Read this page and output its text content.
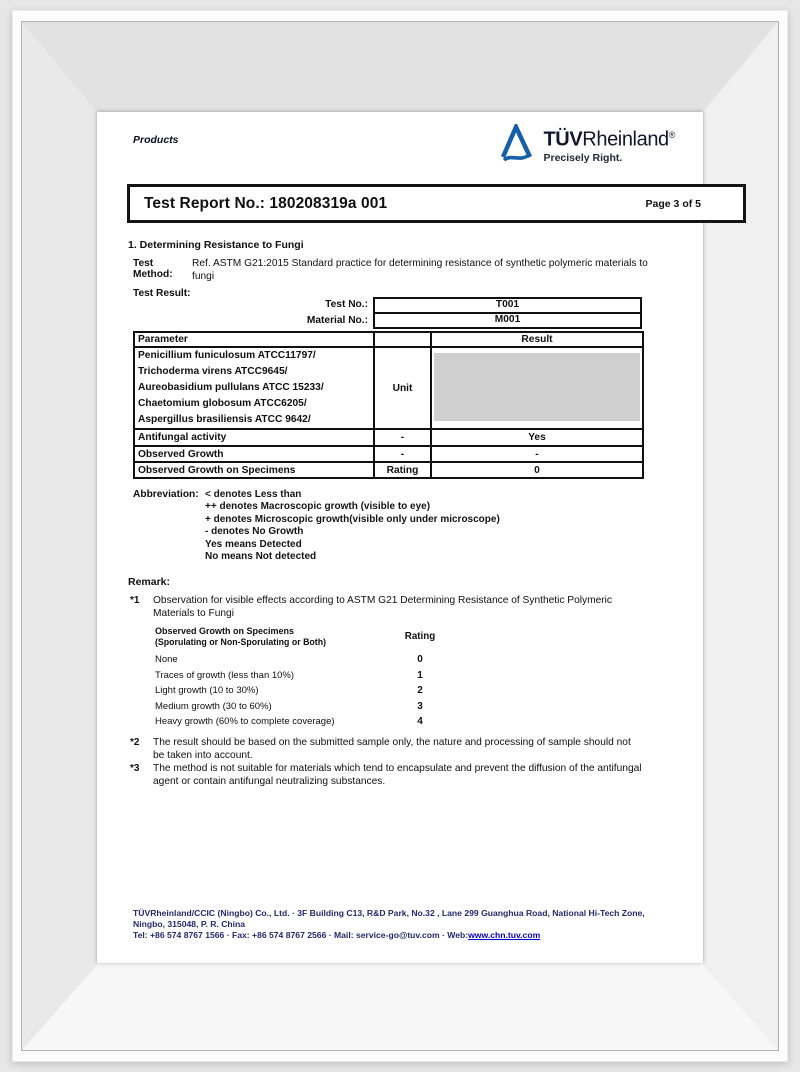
Products	TÜVRheinland®
Precisely Right.
Test Report No.: 180208319a 001	Page 3 of 5
1. Determining Resistance to Fungi
Test Method:
Ref. ASTM G21:2015 Standard practice for determining resistance of synthetic polymeric materials to fungi
Test Result:
Test No.:	T001
Material No.:	M001
Parameter		Result

Penicillium funiculosum ATCC11797/
Trichoderma virens ATCC9645/
Aureobasidium pullulans ATCC 15233/
Chaetomium globosum ATCC6205/
Aspergillus brasiliensis ATCC 9642/	Unit	

Antifungal activity	-	Yes
Observed Growth	-	-
Observed Growth on Specimens	Rating	0
Abbreviation: < denotes Less than
++ denotes Macroscopic growth (visible to eye)
+ denotes Microscopic growth(visible only under microscope)
- denotes No Growth
Yes means Detected
No means Not detected
Remark:
*1	Observation for visible effects according to ASTM G21 Determining Resistance of Synthetic Polymeric Materials to Fungi
Observed Growth on Specimens
(Sporulating or Non-Sporulating or Both)	Rating
None	0
Traces of growth (less than 10%)	1
Light growth (10 to 30%)	2
Medium growth (30 to 60%)	3
Heavy growth (60% to complete coverage)	4
*2	The result should be based on the submitted sample only, the nature and processing of sample should not be taken into account.
*3	The method is not suitable for materials which tend to encapsulate and prevent the diffusion of the antifungal agent or contain antifungal neutralizing substances.
TÜVRheinland/CCIC (Ningbo) Co., Ltd. · 3F Building C13, R&D Park, No.32 , Lane 299 Guanghua Road, National Hi-Tech Zone,
Ningbo, 315048, P. R. China
Tel: +86 574 8767 1566 · Fax: +86 574 8767 2566 · Mail: service-go@tuv.com · Web:www.chn.tuv.com
